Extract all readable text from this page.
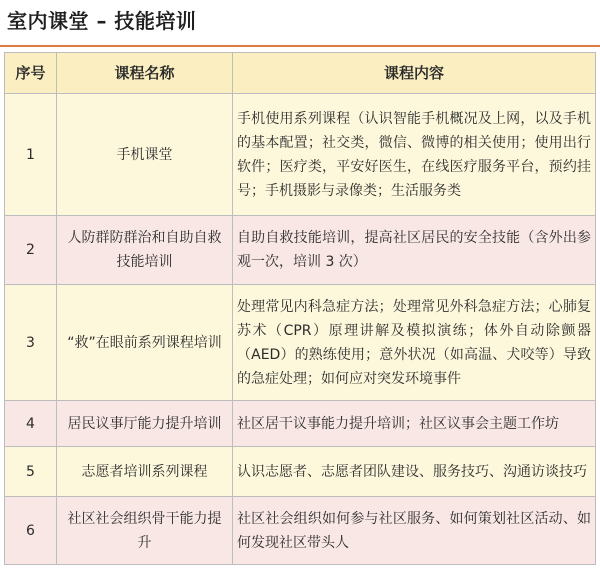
室内课堂 – 技能培训
序号	课程名称	课程内容
1	手机课堂	手机使用系列课程（认识智能手机概况及上网，以及手机的基本配置；社交类，微信、微博的相关使用；使用出行软件；医疗类，平安好医生，在线医疗服务平台，预约挂号；手机摄影与录像类；生活服务类
2	人防群防群治和自助自救技能培训	自助自救技能培训，提高社区居民的安全技能（含外出参观一次，培训 3 次）
3	“救”在眼前系列课程培训	处理常见内科急症方法；处理常见外科急症方法；心肺复苏术（CPR）原理讲解及模拟演练；体外自动除颤器（AED）的熟练使用；意外状况（如高温、犬咬等）导致的急症处理；如何应对突发环境事件
4	居民议事厅能力提升培训	社区居干议事能力提升培训；社区议事会主题工作坊
5	志愿者培训系列课程	认识志愿者、志愿者团队建设、服务技巧、沟通访谈技巧
6	社区社会组织骨干能力提升	社区社会组织如何参与社区服务、如何策划社区活动、如何发现社区带头人
